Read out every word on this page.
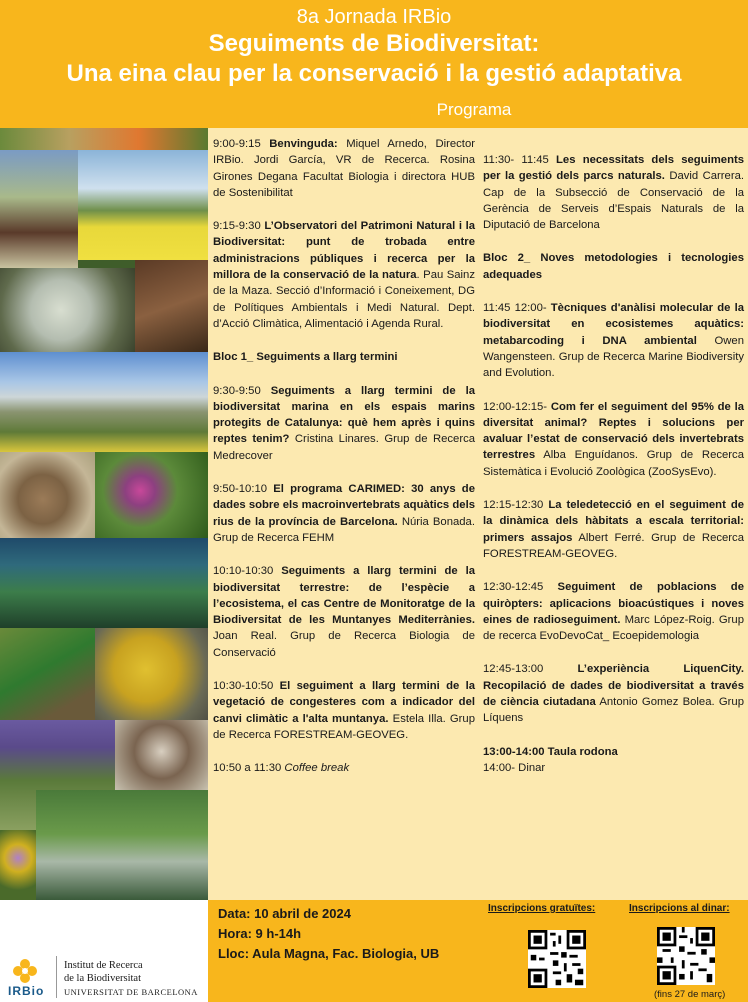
8a Jornada IRBio
Seguiments de Biodiversitat:
Una eina clau per la conservació i la gestió adaptativa
Programa

9:00-9:15 Benvinguda: Miquel Arnedo, Director IRBio. Jordi García, VR de Recerca. Rosina Girones Degana Facultat Biologia i directora HUB de Sostenibilitat

9:15-9:30 L’Observatori del Patrimoni Natural i la Biodiversitat: punt de trobada entre administracions públiques i recerca per la millora de la conservació de la natura. Pau Sainz de la Maza. Secció d’Informació i Coneixement, DG de Polítiques Ambientals i Medi Natural. Dept. d’Acció Climàtica, Alimentació i Agenda Rural.

Bloc 1_ Seguiments a llarg termini

9:30-9:50 Seguiments a llarg termini de la biodiversitat marina en els espais marins protegits de Catalunya: què hem après i quins reptes tenim? Cristina Linares. Grup de Recerca Medrecover

9:50-10:10 El programa CARIMED: 30 anys de dades sobre els macroinvertebrats aquàtics dels rius de la província de Barcelona. Núria Bonada. Grup de Recerca FEHM

10:10-10:30 Seguiments a llarg termini de la biodiversitat terrestre: de l’espècie a l’ecosistema, el cas Centre de Monitoratge de la Biodiversitat de les Muntanyes Mediterrànies. Joan Real. Grup de Recerca Biologia de Conservació

10:30-10:50 El seguiment a llarg termini de la vegetació de congesteres com a indicador del canvi climàtic a l'alta muntanya. Estela Illa. Grup de Recerca FORESTREAM-GEOVEG.

10:50 a 11:30 Coffee break

11:30- 11:45 Les necessitats dels seguiments per la gestió dels parcs naturals. David Carrera. Cap de la Subsecció de Conservació de la Gerència de Serveis d’Espais Naturals de la Diputació de Barcelona

Bloc 2_ Noves metodologies i tecnologies adequades

11:45 12:00- Tècniques d'anàlisi molecular de la biodiversitat en ecosistemes aquàtics: metabarcoding i DNA ambiental Owen Wangensteen. Grup de Recerca Marine Biodiversity and Evolution.

12:00-12:15- Com fer el seguiment del 95% de la diversitat animal? Reptes i solucions per avaluar l’estat de conservació dels invertebrats terrestres Alba Enguídanos. Grup de Recerca Sistemàtica i Evolució Zoològica (ZooSysEvo).

12:15-12:30 La teledetecció en el seguiment de la dinàmica dels hàbitats a escala territorial: primers assajos Albert Ferré. Grup de Recerca FORESTREAM-GEOVEG.

12:30-12:45 Seguiment de poblacions de quiròpters: aplicacions bioacústiques i noves eines de radioseguiment. Marc López-Roig. Grup de recerca EvoDevoCat_ Ecoepidemologia

12:45-13:00	L’experiència LiquenCity. Recopilació de dades de biodiversitat a través de ciència ciutadana Antonio Gomez Bolea. Grup Líquens

13:00-14:00 Taula rodona

14:00- Dinar

IRBio
Institut de Recerca
de la Biodiversitat
UNIVERSITAT DE BARCELONA
Data: 10 abril de 2024
Hora: 9 h-14h
Lloc: Aula Magna, Fac. Biologia, UB
Inscripcions gratuïtes:	Inscripcions al dinar:
(fins 27 de març)
